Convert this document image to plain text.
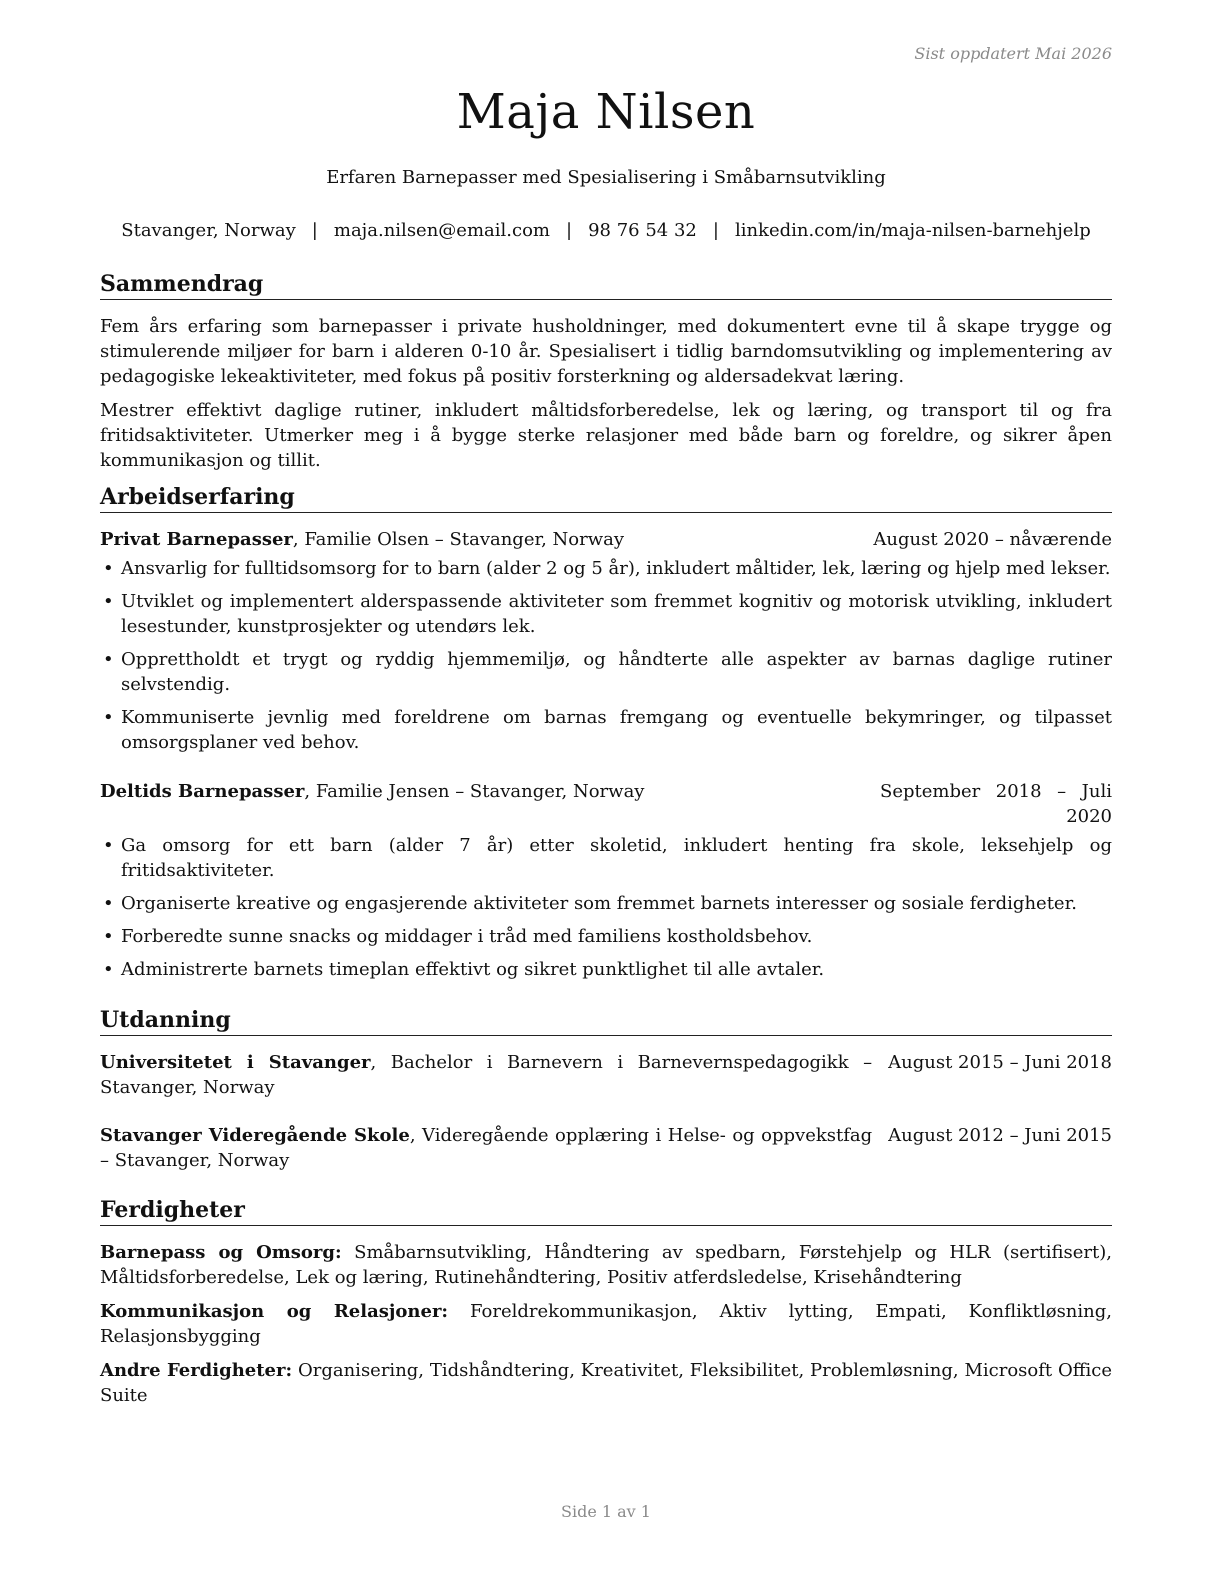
Sist oppdatert Mai 2026
Maja Nilsen
Erfaren Barnepasser med Spesialisering i Småbarnsutvikling
Stavanger, Norway | maja.nilsen@email.com | 98 76 54 32 | linkedin.com/in/maja-nilsen-barnehjelp
Sammendrag

Fem års erfaring som barnepasser i private husholdninger, med dokumentert evne til å skape trygge og stimulerende miljøer for barn i alderen 0-10 år. Spesialisert i tidlig barndomsutvikling og implementering av pedagogiske lekeaktiviteter, med fokus på positiv forsterkning og aldersadekvat læring.

Mestrer effektivt daglige rutiner, inkludert måltidsforberedelse, lek og læring, og transport til og fra fritidsaktiviteter. Utmerker meg i å bygge sterke relasjoner med både barn og foreldre, og sikrer åpen kommunikasjon og tillit.

Arbeidserfaring
Privat Barnepasser, Familie Olsen – Stavanger, Norway	August 2020 – nåværende
• Ansvarlig for fulltidsomsorg for to barn (alder 2 og 5 år), inkludert måltider, lek, læring og hjelp med lekser.
• Utviklet og implementert alderspassende aktiviteter som fremmet kognitiv og motorisk utvikling, inkludert lesestunder, kunstprosjekter og utendørs lek.
• Opprettholdt et trygt og ryddig hjemmemiljø, og håndterte alle aspekter av barnas daglige rutiner selvstendig.
• Kommuniserte jevnlig med foreldrene om barnas fremgang og eventuelle bekymringer, og tilpasset omsorgsplaner ved behov.
Deltids Barnepasser, Familie Jensen – Stavanger, Norway	September 2018 – Juli 2020
• Ga omsorg for ett barn (alder 7 år) etter skoletid, inkludert henting fra skole, leksehjelp og fritidsaktiviteter.
• Organiserte kreative og engasjerende aktiviteter som fremmet barnets interesser og sosiale ferdigheter.
• Forberedte sunne snacks og middager i tråd med familiens kostholdsbehov.
• Administrerte barnets timeplan effektivt og sikret punktlighet til alle avtaler.
Utdanning
Universitetet i Stavanger, Bachelor i Barnevern i Barnevernspedagogikk – Stavanger, Norway
August 2015 – Juni 2018
Stavanger Videregående Skole, Videregående opplæring i Helse- og oppvekstfag – Stavanger, Norway
August 2012 – Juni 2015
Ferdigheter
Barnepass og Omsorg: Småbarnsutvikling, Håndtering av spedbarn, Førstehjelp og HLR (sertifisert), Måltidsforberedelse, Lek og læring, Rutinehåndtering, Positiv atferdsledelse, Krisehåndtering
Kommunikasjon og Relasjoner: Foreldrekommunikasjon, Aktiv lytting, Empati, Konfliktløsning, Relasjonsbygging
Andre Ferdigheter: Organisering, Tidshåndtering, Kreativitet, Fleksibilitet, Problemløsning, Microsoft Office Suite
Side 1 av 1
